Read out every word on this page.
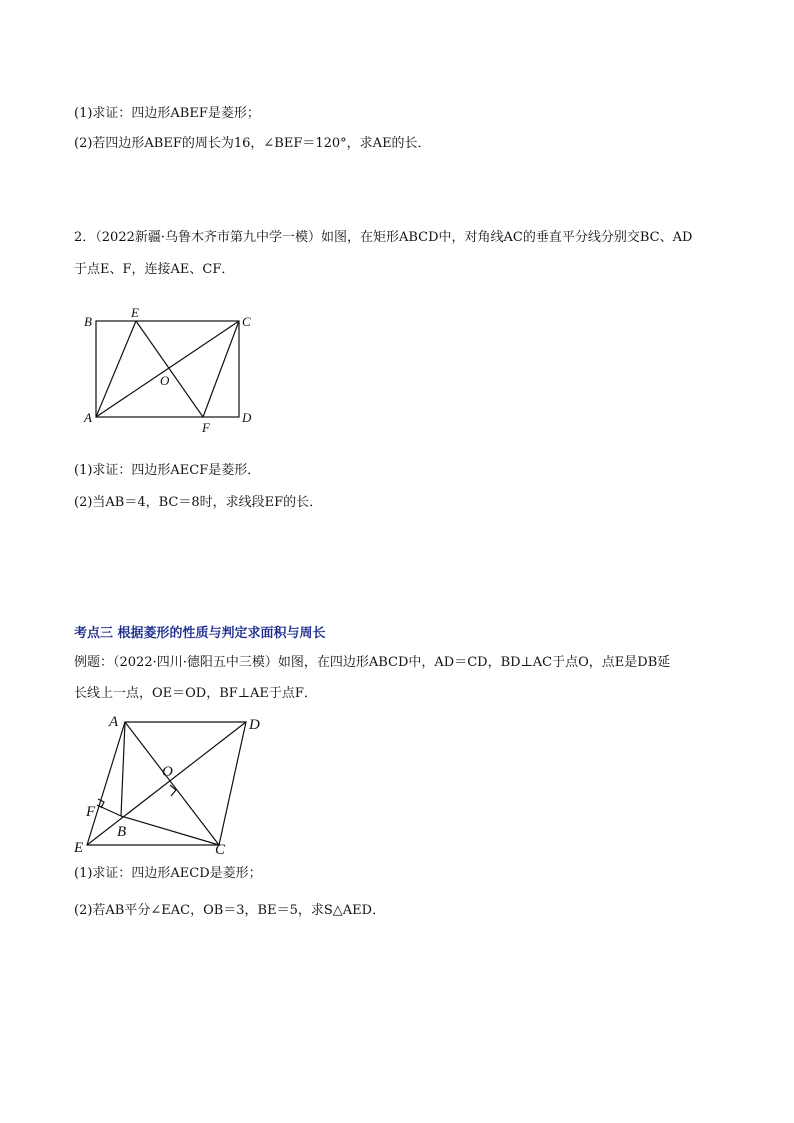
(1)求证：四边形ABEF是菱形；
(2)若四边形ABEF的周长为16，∠BEF＝120°，求AE的长．
2．（2022新疆·乌鲁木齐市第九中学一模）如图，在矩形ABCD中，对角线AC的垂直平分线分别交BC、AD
于点E、F，连接AE、CF．
B
E
C
O
A
F
D
(1)求证：四边形AECF是菱形．
(2)当AB＝4，BC＝8时，求线段EF的长．
考点三 根据菱形的性质与判定求面积与周长
例题：（2022·四川·德阳五中三模）如图，在四边形ABCD中，AD＝CD，BD⊥AC于点O，点E是DB延
长线上一点，OE＝OD，BF⊥AE于点F．
A	D
O
F
B
E	C
(1)求证：四边形AECD是菱形；
(2)若AB平分∠EAC，OB＝3，BE＝5，求S△AED．
